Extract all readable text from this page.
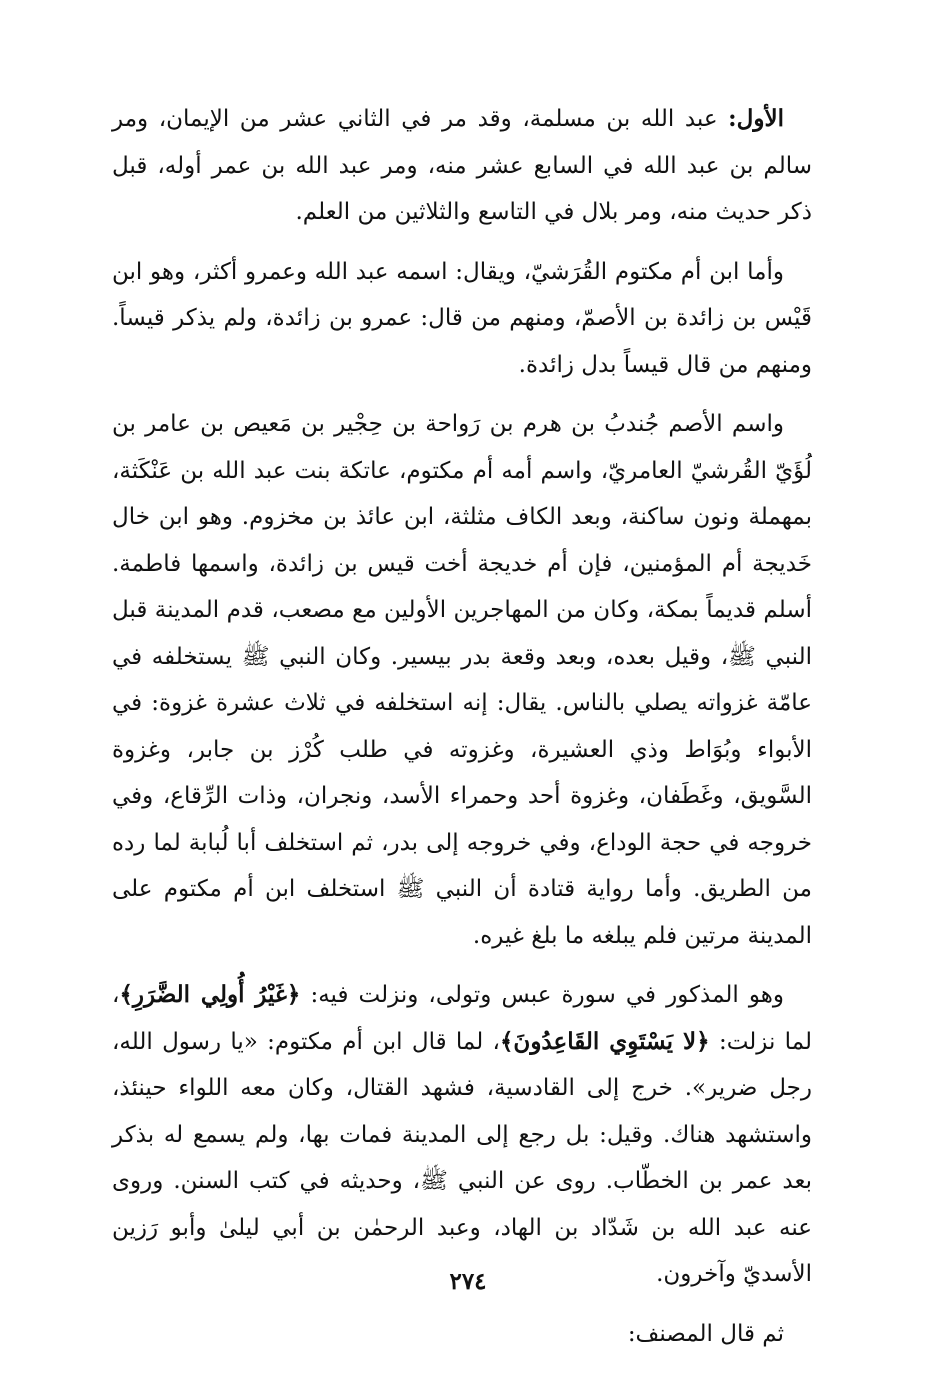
الأول: عبد الله بن مسلمة، وقد مر في الثاني عشر من الإيمان، ومر سالم بن عبد الله في السابع عشر منه، ومر عبد الله بن عمر أوله، قبل ذكر حديث منه، ومر بلال في التاسع والثلاثين من العلم.

وأما ابن أم مكتوم القُرَشيّ، ويقال: اسمه عبد الله وعمرو أكثر، وهو ابن قَيْس بن زائدة بن الأصمّ، ومنهم من قال: عمرو بن زائدة، ولم يذكر قيساً. ومنهم من قال قيساً بدل زائدة.

واسم الأصم جُندبُ بن هرم بن رَواحة بن حِجْير بن مَعيص بن عامر بن لُؤَيّ القُرشيّ العامريّ، واسم أمه أم مكتوم، عاتكة بنت عبد الله بن عَنْكَثة، بمهملة ونون ساكنة، وبعد الكاف مثلثة، ابن عائذ بن مخزوم. وهو ابن خال خَديجة أم المؤمنين، فإن أم خديجة أخت قيس بن زائدة، واسمها فاطمة. أسلم قديماً بمكة، وكان من المهاجرين الأولين مع مصعب، قدم المدينة قبل النبي ﷺ، وقيل بعده، وبعد وقعة بدر بيسير. وكان النبي ﷺ يستخلفه في عامّة غزواته يصلي بالناس. يقال: إنه استخلفه في ثلاث عشرة غزوة: في الأبواء وبُوَاط وذي العشيرة، وغزوته في طلب كُرْز بن جابر، وغزوة السَّويق، وغَطَفان، وغزوة أحد وحمراء الأسد، ونجران، وذات الرِّقاع، وفي خروجه في حجة الوداع، وفي خروجه إلى بدر، ثم استخلف أبا لُبابة لما رده من الطريق. وأما رواية قتادة أن النبي ﷺ استخلف ابن أم مكتوم على المدينة مرتين فلم يبلغه ما بلغ غيره.

وهو المذكور في سورة عبس وتولى، ونزلت فيه: ﴿غَيْرُ أُولِي الضَّرَرِ﴾، لما نزلت: ﴿لا يَسْتَوِي القَاعِدُونَ﴾، لما قال ابن أم مكتوم: «يا رسول الله، رجل ضرير». خرج إلى القادسية، فشهد القتال، وكان معه اللواء حينئذ، واستشهد هناك. وقيل: بل رجع إلى المدينة فمات بها، ولم يسمع له بذكر بعد عمر بن الخطّاب. روى عن النبي ﷺ، وحديثه في كتب السنن. وروى عنه عبد الله بن شَدّاد بن الهاد، وعبد الرحمٰن بن أبي ليلىٰ وأبو رَزين الأسديّ وآخرون.

ثم قال المصنف:

٢٧٤
